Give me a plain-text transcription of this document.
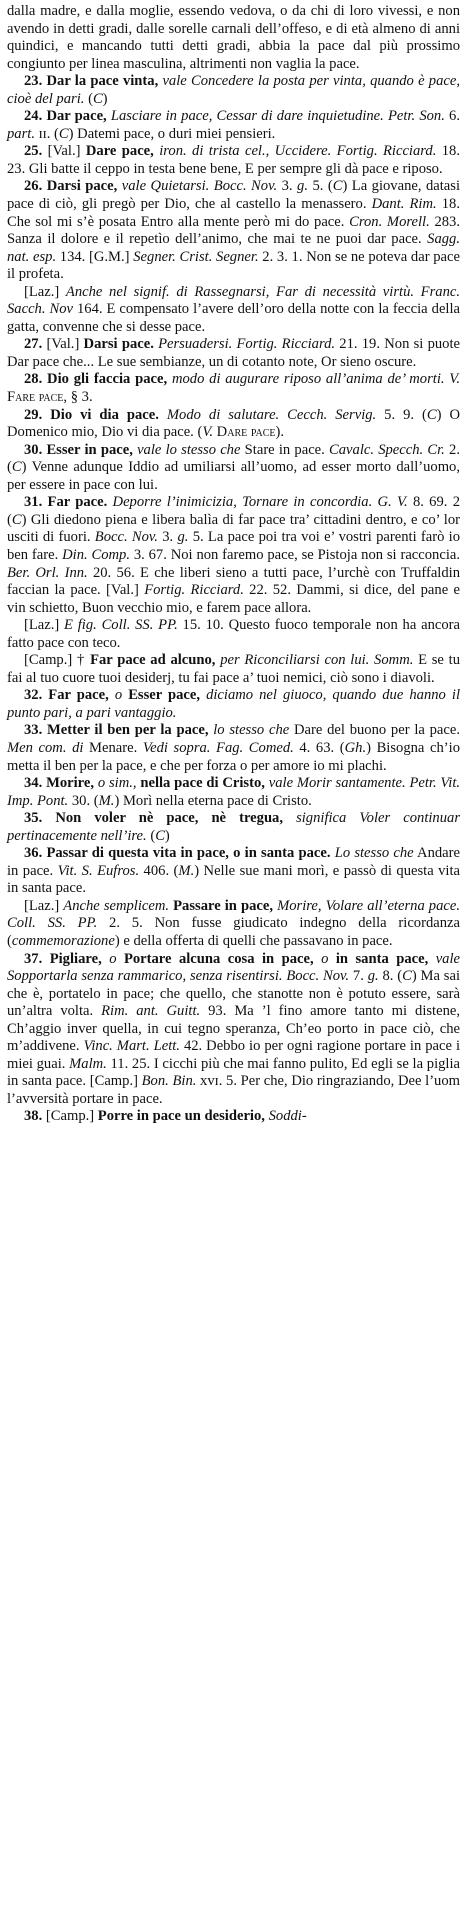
dalla madre, e dalla moglie, essendo vedova, o da chi di loro vivessi, e non avendo in detti gradi, dalle sorelle carnali dell’offeso, e di età almeno di anni quindici, e mancando tutti detti gradi, abbia la pace dal più prossimo congiunto per linea masculina, altrimenti non vaglia la pace.

23. Dar la pace vinta, vale Concedere la posta per vinta, quando è pace, cioè del pari. (C)

24. Dar pace, Lasciare in pace, Cessar di dare inquietudine. Petr. Son. 6. part. ɪɪ. (C) Datemi pace, o duri miei pensieri.

25. [Val.] Dare pace, iron. di trista cel., Uccidere. Fortig. Ricciard. 18. 23. Gli batte il ceppo in testa bene bene, E per sempre gli dà pace e riposo.

26. Darsi pace, vale Quietarsi. Bocc. Nov. 3. g. 5. (C) La giovane, datasi pace di ciò, gli pregò per Dio, che al castello la menassero. Dant. Rim. 18. Che sol mi s’è posata Entro alla mente però mi do pace. Cron. Morell. 283. Sanza il dolore e il repetìo dell’animo, che mai te ne puoi dar pace. Sagg. nat. esp. 134. [G.M.] Segner. Crist. Segner. 2. 3. 1. Non se ne poteva dar pace il profeta.

[Laz.] Anche nel signif. di Rassegnarsi, Far di necessità virtù. Franc. Sacch. Nov 164. E compensato l’avere dell’oro della notte con la feccia della gatta, convenne che si desse pace.

27. [Val.] Darsi pace. Persuadersi. Fortig. Ricciard. 21. 19. Non si puote Dar pace che... Le sue sembianze, un di cotanto note, Or sieno oscure.

28. Dio gli faccia pace, modo di augurare riposo all’anima de’ morti. V. Fare pace, § 3.

29. Dio vi dia pace. Modo di salutare. Cecch. Servig. 5. 9. (C) O Domenico mio, Dio vi dia pace. (V. Dare pace).

30. Esser in pace, vale lo stesso che Stare in pace. Cavalc. Specch. Cr. 2. (C) Venne adunque Iddio ad umiliarsi all’uomo, ad esser morto dall’uomo, per essere in pace con lui.

31. Far pace. Deporre l’inimicizia, Tornare in concordia. G. V. 8. 69. 2 (C) Gli diedono piena e libera balìa di far pace tra’ cittadini dentro, e co’ lor usciti di fuori. Bocc. Nov. 3. g. 5. La pace poi tra voi e’ vostri parenti farò io ben fare. Din. Comp. 3. 67. Noi non faremo pace, se Pistoja non si racconcia. Ber. Orl. Inn. 20. 56. E che liberi sieno a tutti pace, l’urchè con Truffaldin faccian la pace. [Val.] Fortig. Ricciard. 22. 52. Dammi, si dice, del pane e vin schietto, Buon vecchio mio, e farem pace allora.

[Laz.] E fig. Coll. SS. PP. 15. 10. Questo fuoco temporale non ha ancora fatto pace con teco.

[Camp.] † Far pace ad alcuno, per Riconciliarsi con lui. Somm. E se tu fai al tuo cuore tuoi desiderj, tu fai pace a’ tuoi nemici, ciò sono i diavoli.

32. Far pace, o Esser pace, diciamo nel giuoco, quando due hanno il punto pari, a pari vantaggio.

33. Metter il ben per la pace, lo stesso che Dare del buono per la pace. Men com. di Menare. Vedi sopra. Fag. Comed. 4. 63. (Gh.) Bisogna ch’io metta il ben per la pace, e che per forza o per amore io mi plachi.

34. Morire, o sim., nella pace di Cristo, vale Morir santamente. Petr. Vit. Imp. Pont. 30. (M.) Morì nella eterna pace di Cristo.

35. Non voler nè pace, nè tregua, significa Voler continuar pertinacemente nell’ire. (C)

36. Passar di questa vita in pace, o in santa pace. Lo stesso che Andare in pace. Vit. S. Eufros. 406. (M.) Nelle sue mani morì, e passò di questa vita in santa pace.

[Laz.] Anche semplicem. Passare in pace, Morire, Volare all’eterna pace. Coll. SS. PP. 2. 5. Non fusse giudicato indegno della ricordanza (commemorazione) e della offerta di quelli che passavano in pace.

37. Pigliare, o Portare alcuna cosa in pace, o in santa pace, vale Sopportarla senza rammarico, senza risentirsi. Bocc. Nov. 7. g. 8. (C) Ma sai che è, portatelo in pace; che quello, che stanotte non è potuto essere, sarà un’altra volta. Rim. ant. Guitt. 93. Ma ’l fino amore tanto mi distene, Ch’aggio inver quella, in cui tegno speranza, Ch’eo porto in pace ciò, che m’addivene. Vinc. Mart. Lett. 42. Debbo io per ogni ragione portare in pace i miei guai. Malm. 11. 25. I cicchi più che mai fanno pulito, Ed egli se la piglia in santa pace. [Camp.] Bon. Bin. xvɪ. 5. Per che, Dio ringraziando, Dee l’uom l’avversità portare in pace.

38. [Camp.] Porre in pace un desiderio, Soddi-
